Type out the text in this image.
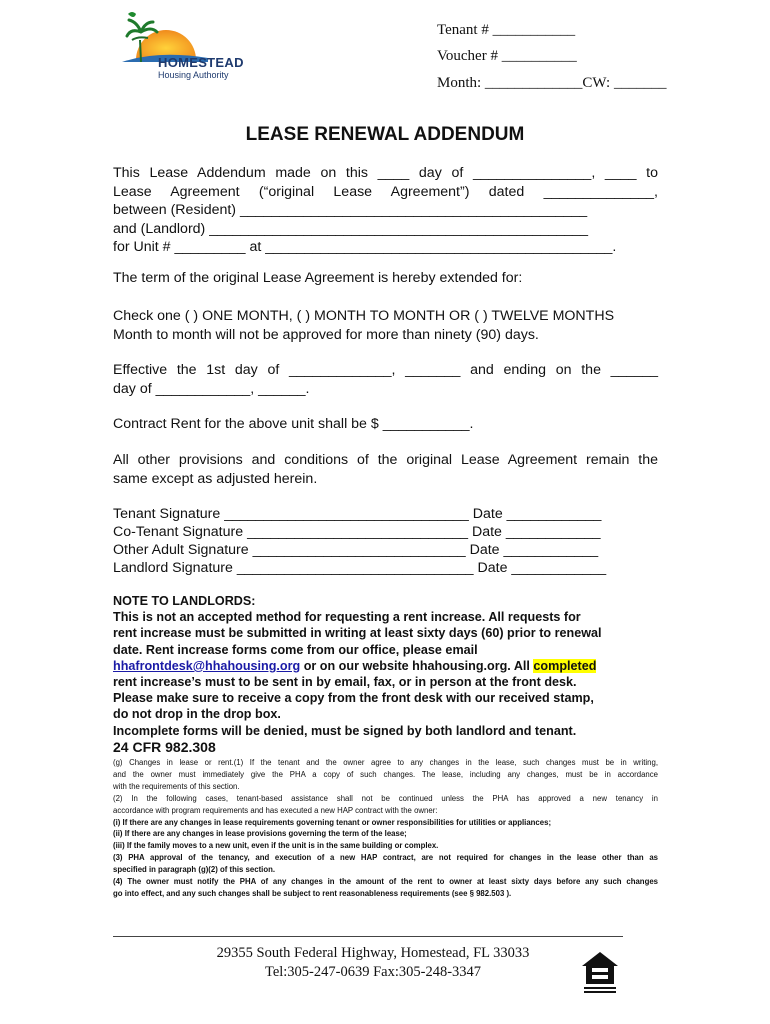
HOMESTEAD
Housing Authority
Tenant # ___________
Voucher # __________
Month: _____________CW: _______
LEASE RENEWAL ADDENDUM
This Lease Addendum made on this ____ day of _______________, ____ to
Lease Agreement (“original Lease Agreement”) dated ______________,
between (Resident) ____________________________________________
and (Landlord) ________________________________________________
for Unit # _________ at ____________________________________________.
The term of the original Lease Agreement is hereby extended for:
Check one ( ) ONE MONTH, ( ) MONTH TO MONTH OR ( ) TWELVE MONTHS
Month to month will not be approved for more than ninety (90) days.
Effective the 1st day of _____________, _______ and ending on the ______
day of ____________, ______.
Contract Rent for the above unit shall be $ ___________.
All other provisions and conditions of the original Lease Agreement remain the
same except as adjusted herein.
Tenant Signature _______________________________ Date ____________
Co-Tenant Signature ____________________________ Date ____________
Other Adult Signature ___________________________ Date ____________
Landlord Signature ______________________________ Date ____________
NOTE TO LANDLORDS:
This is not an accepted method for requesting a rent increase. All requests for
rent increase must be submitted in writing at least sixty days (60) prior to renewal
date. Rent increase forms come from our office, please email
hhafrontdesk@hhahousing.org or on our website hhahousing.org. All completed
rent increase’s must to be sent in by email, fax, or in person at the front desk.
Please make sure to receive a copy from the front desk with our received stamp,
do not drop in the drop box.
Incomplete forms will be denied, must be signed by both landlord and tenant.
24 CFR 982.308
(g) Changes in lease or rent.(1) If the tenant and the owner agree to any changes in the lease, such changes must be in writing,
and the owner must immediately give the PHA a copy of such changes. The lease, including any changes, must be in accordance
with the requirements of this section.
(2) In the following cases, tenant-based assistance shall not be continued unless the PHA has approved a new tenancy in
accordance with program requirements and has executed a new HAP contract with the owner:
(i) If there are any changes in lease requirements governing tenant or owner responsibilities for utilities or appliances;
(ii) If there are any changes in lease provisions governing the term of the lease;
(iii) If the family moves to a new unit, even if the unit is in the same building or complex.
(3) PHA approval of the tenancy, and execution of a new HAP contract, are not required for changes in the lease other than as
specified in paragraph (g)(2) of this section.
(4) The owner must notify the PHA of any changes in the amount of the rent to owner at least sixty days before any such changes
go into effect, and any such changes shall be subject to rent reasonableness requirements (see § 982.503 ).
29355 South Federal Highway, Homestead, FL 33033
Tel:305-247-0639 Fax:305-248-3347
